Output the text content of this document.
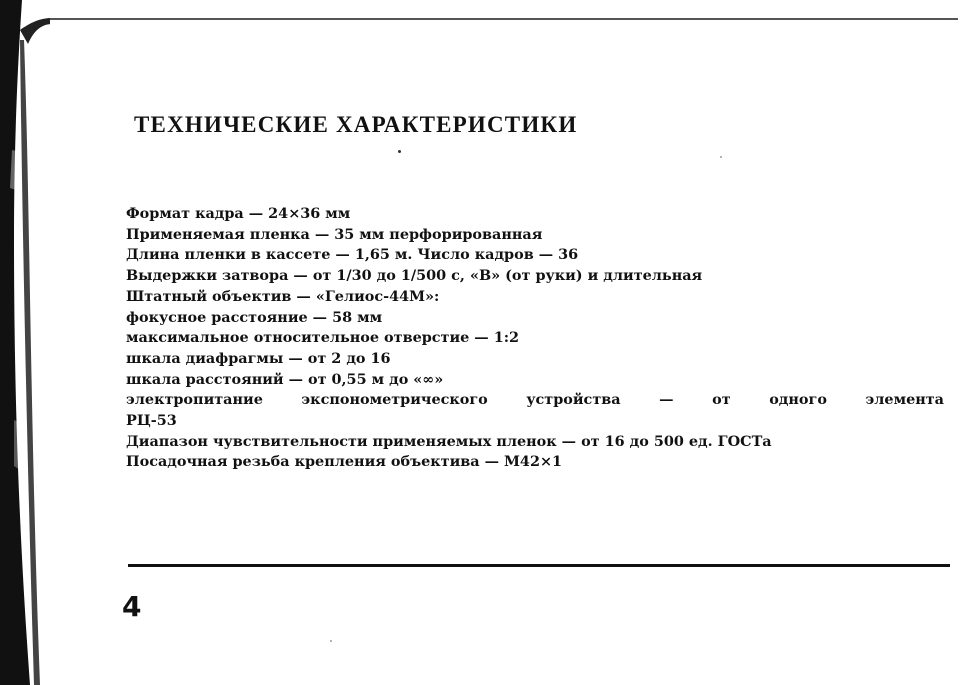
ТЕХНИЧЕСКИЕ ХАРАКТЕРИСТИКИ
Формат кадра — 24×36 мм
Применяемая пленка — 35 мм перфорированная
Длина пленки в кассете — 1,65 м. Число кадров — 36
Выдержки затвора — от 1/30 до 1/500 с, «В» (от руки) и длительная
Штатный объектив — «Гелиос-44М»:
фокусное расстояние — 58 мм
максимальное относительное отверстие — 1:2
шкала диафрагмы — от 2 до 16
шкала расстояний — от 0,55 м до «∞»
электропитание экспонометрического устройства — от одного элемента
РЦ-53
Диапазон чувствительности применяемых пленок — от 16 до 500 ед. ГОСТа
Посадочная резьба крепления объектива — М42×1
4
